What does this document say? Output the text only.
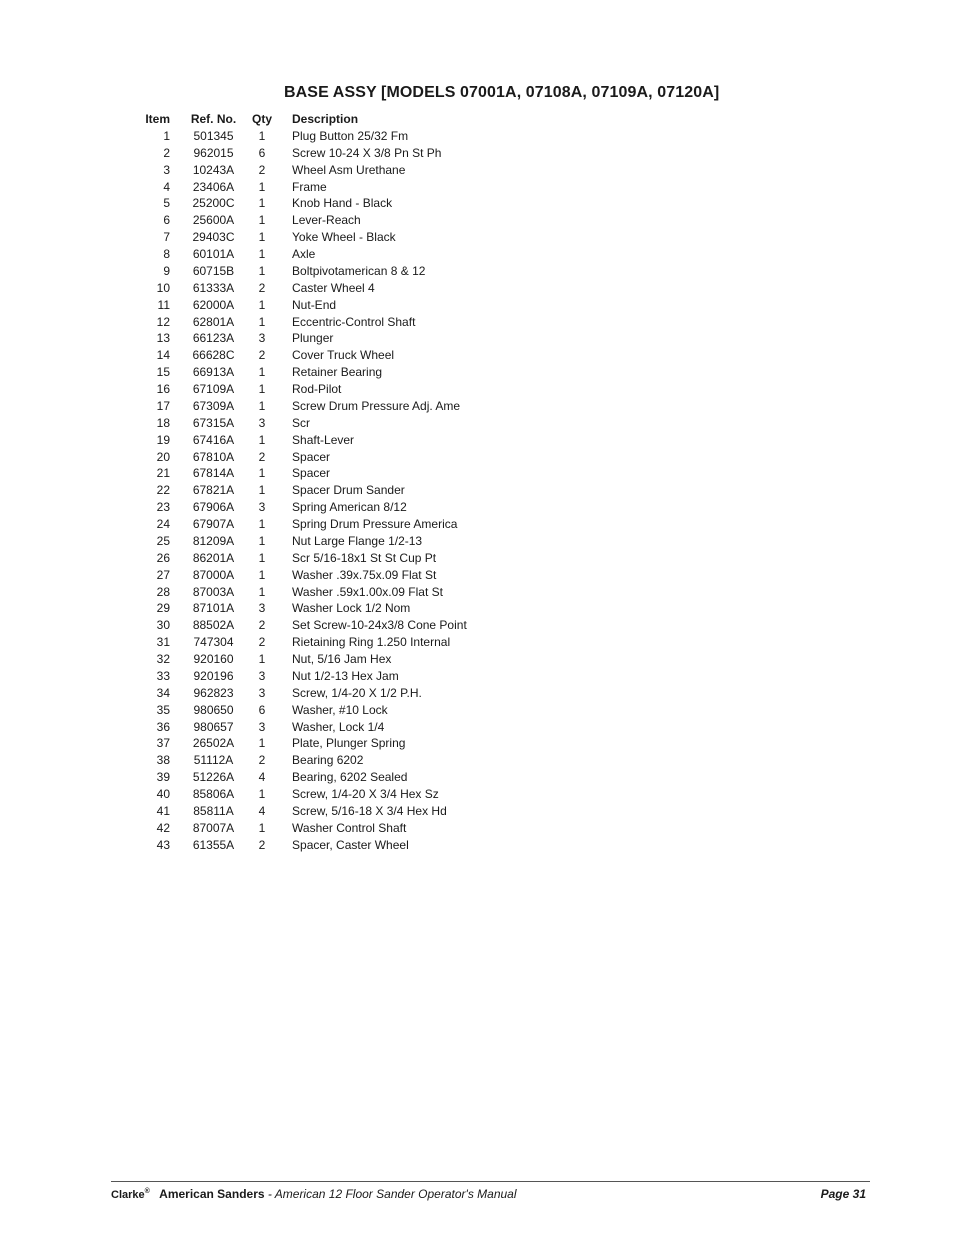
BASE ASSY [MODELS 07001A, 07108A, 07109A, 07120A]
Item	Ref. No.	Qty	Description
1	501345	1	Plug Button 25/32 Fm
2	962015	6	Screw 10-24 X 3/8 Pn St Ph
3	10243A	2	Wheel Asm Urethane
4	23406A	1	Frame
5	25200C	1	Knob Hand - Black
6	25600A	1	Lever-Reach
7	29403C	1	Yoke Wheel - Black
8	60101A	1	Axle
9	60715B	1	Boltpivotamerican 8 & 12
10	61333A	2	Caster Wheel 4
11	62000A	1	Nut-End
12	62801A	1	Eccentric-Control Shaft
13	66123A	3	Plunger
14	66628C	2	Cover Truck Wheel
15	66913A	1	Retainer Bearing
16	67109A	1	Rod-Pilot
17	67309A	1	Screw Drum Pressure Adj. Ame
18	67315A	3	Scr
19	67416A	1	Shaft-Lever
20	67810A	2	Spacer
21	67814A	1	Spacer
22	67821A	1	Spacer Drum Sander
23	67906A	3	Spring American 8/12
24	67907A	1	Spring Drum Pressure America
25	81209A	1	Nut Large Flange 1/2-13
26	86201A	1	Scr 5/16-18x1 St St Cup Pt
27	87000A	1	Washer .39x.75x.09 Flat St
28	87003A	1	Washer .59x1.00x.09 Flat St
29	87101A	3	Washer Lock 1/2 Nom
30	88502A	2	Set Screw-10-24x3/8 Cone Point
31	747304	2	Rietaining Ring 1.250 Internal
32	920160	1	Nut, 5/16 Jam Hex
33	920196	3	Nut 1/2-13 Hex Jam
34	962823	3	Screw, 1/4-20 X 1/2 P.H.
35	980650	6	Washer, #10 Lock
36	980657	3	Washer, Lock 1/4
37	26502A	1	Plate, Plunger Spring
38	51112A	2	Bearing 6202
39	51226A	4	Bearing, 6202 Sealed
40	85806A	1	Screw, 1/4-20 X 3/4 Hex Sz
41	85811A	4	Screw, 5/16-18 X 3/4 Hex Hd
42	87007A	1	Washer Control Shaft
43	61355A	2	Spacer, Caster Wheel
Clarke® American Sanders - American 12 Floor Sander Operator's Manual	Page 31
